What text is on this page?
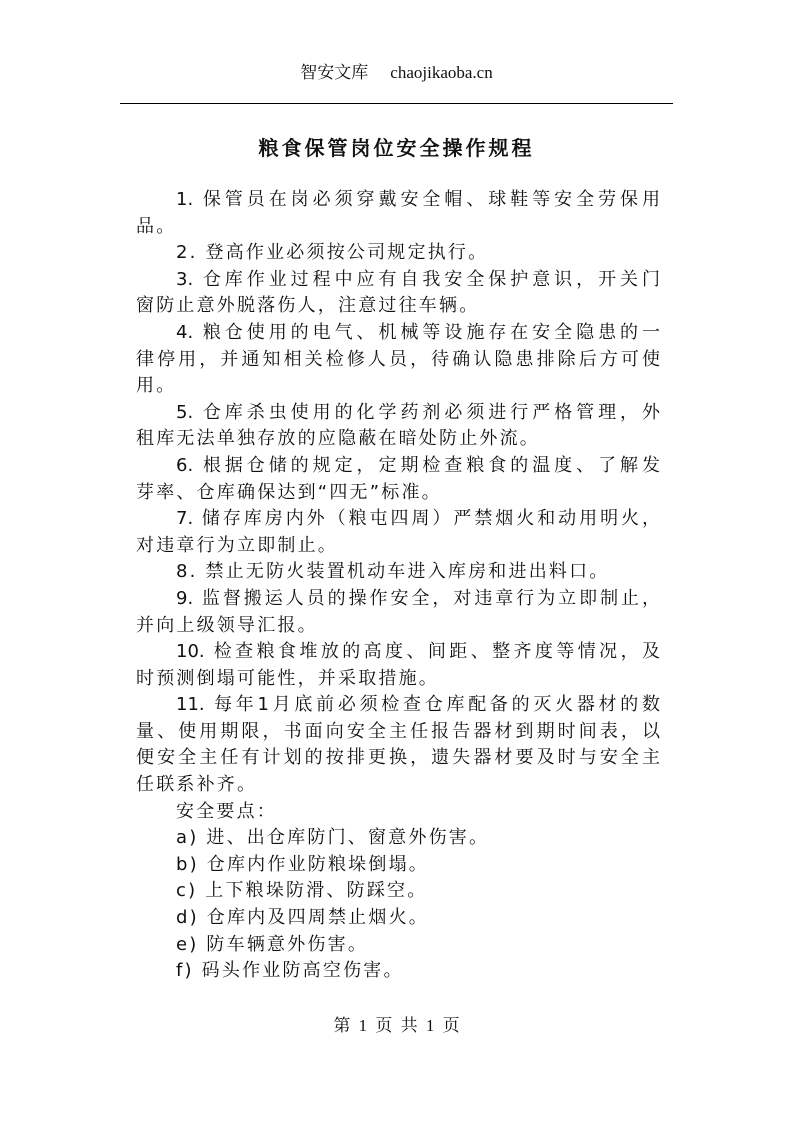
智安文库 chaojikaoba.cn
粮食保管岗位安全操作规程
1. 保管员在岗必须穿戴安全帽、球鞋等安全劳保用
品。
2. 登高作业必须按公司规定执行。
3. 仓库作业过程中应有自我安全保护意识，开关门
窗防止意外脱落伤人，注意过往车辆。
4. 粮仓使用的电气、机械等设施存在安全隐患的一
律停用，并通知相关检修人员，待确认隐患排除后方可使
用。
5. 仓库杀虫使用的化学药剂必须进行严格管理，外
租库无法单独存放的应隐蔽在暗处防止外流。
6. 根据仓储的规定，定期检查粮食的温度、了解发
芽率、仓库确保达到“四无”标准。
7. 储存库房内外（粮屯四周）严禁烟火和动用明火，
对违章行为立即制止。
8. 禁止无防火装置机动车进入库房和进出料口。
9. 监督搬运人员的操作安全，对违章行为立即制止，
并向上级领导汇报。
10. 检查粮食堆放的高度、间距、整齐度等情况，及
时预测倒塌可能性，并采取措施。
11. 每年1月底前必须检查仓库配备的灭火器材的数
量、使用期限，书面向安全主任报告器材到期时间表，以
便安全主任有计划的按排更换，遗失器材要及时与安全主
任联系补齐。
安全要点：
a) 进、出仓库防门、窗意外伤害。
b) 仓库内作业防粮垛倒塌。
c) 上下粮垛防滑、防踩空。
d) 仓库内及四周禁止烟火。
e) 防车辆意外伤害。
f) 码头作业防高空伤害。
第 1 页 共 1 页
